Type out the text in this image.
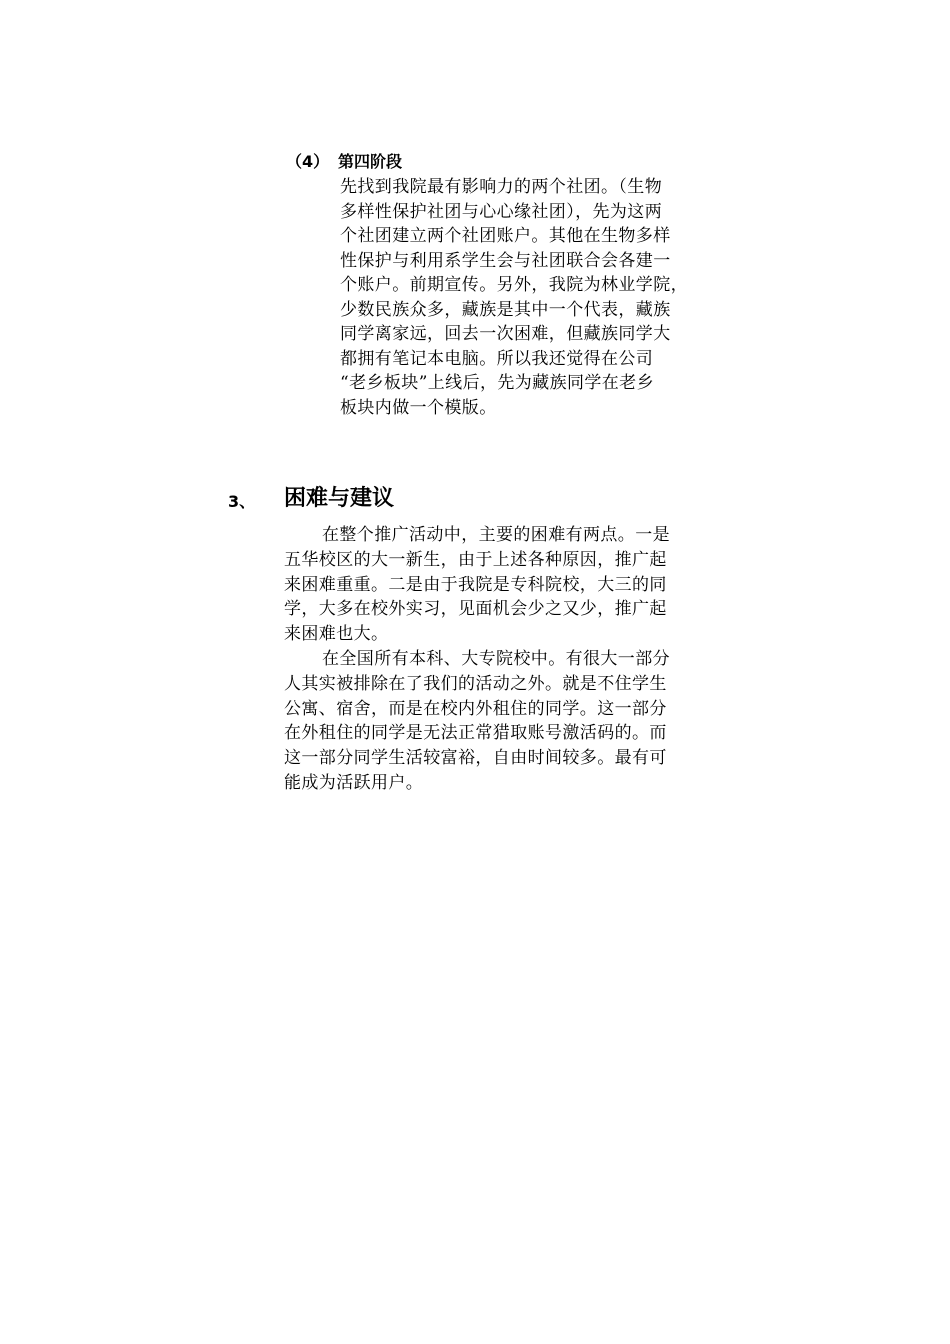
（4） 第四阶段
先找到我院最有影响力的两个社团。（生物
多样性保护社团与心心缘社团），先为这两
个社团建立两个社团账户。其他在生物多样
性保护与利用系学生会与社团联合会各建一
个账户。前期宣传。另外，我院为林业学院，
少数民族众多，藏族是其中一个代表，藏族
同学离家远，回去一次困难，但藏族同学大
都拥有笔记本电脑。所以我还觉得在公司
“老乡板块”上线后，先为藏族同学在老乡
板块内做一个模版。
3、 困难与建议
在整个推广活动中，主要的困难有两点。一是
五华校区的大一新生，由于上述各种原因，推广起
来困难重重。二是由于我院是专科院校，大三的同
学，大多在校外实习，见面机会少之又少，推广起
来困难也大。
在全国所有本科、大专院校中。有很大一部分
人其实被排除在了我们的活动之外。就是不住学生
公寓、宿舍，而是在校内外租住的同学。这一部分
在外租住的同学是无法正常猎取账号激活码的。而
这一部分同学生活较富裕，自由时间较多。最有可
能成为活跃用户。
